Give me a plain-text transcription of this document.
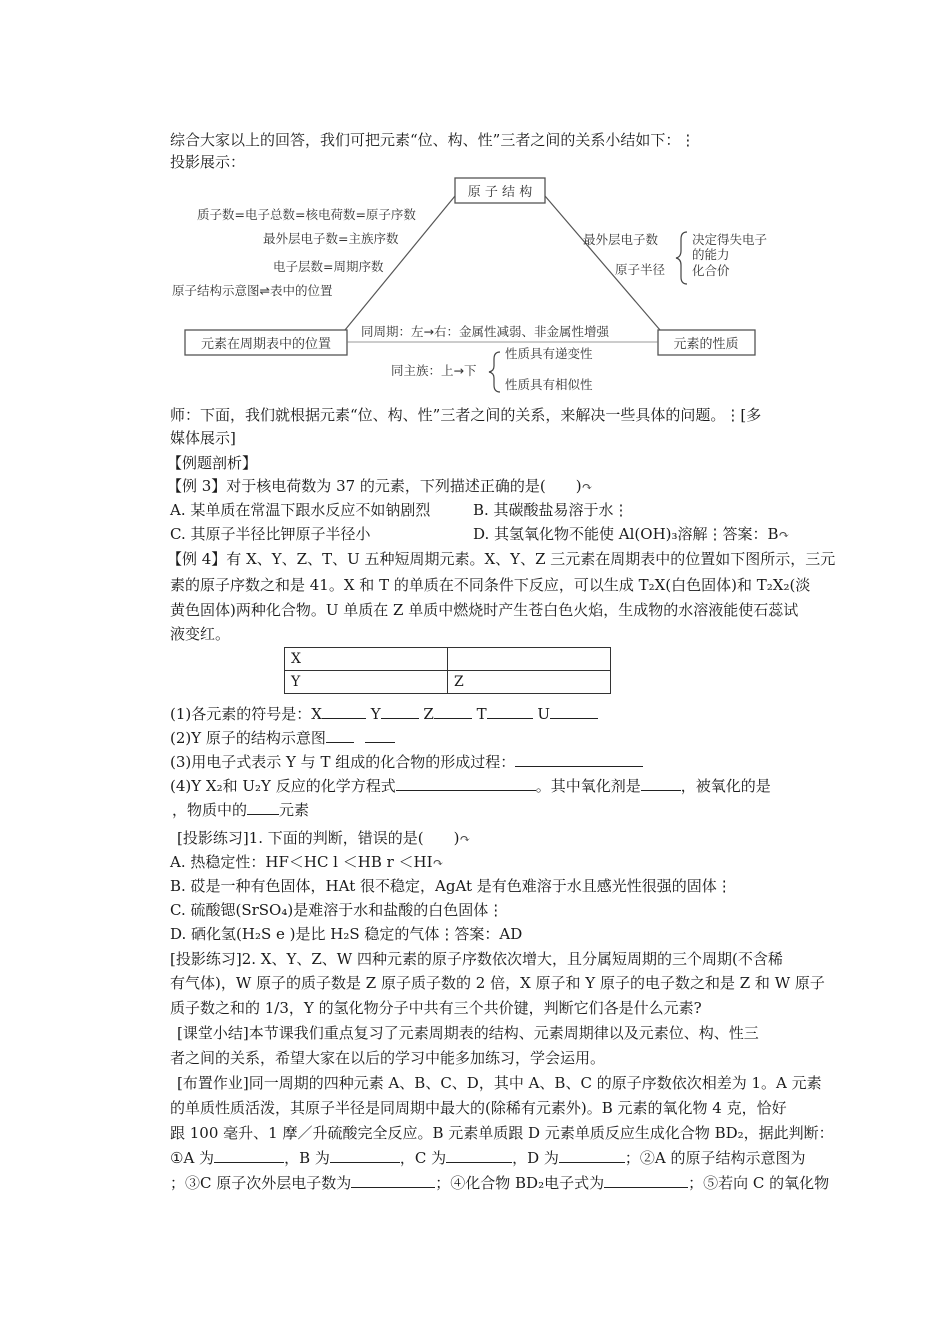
综合大家以上的回答，我们可把元素“位、构、性”三者之间的关系小结如下：⋮
投影展示：
原 子 结 构
元素在周期表中的位置	元素的性质
质子数=电子总数=核电荷数=原子序数
最外层电子数=主族序数
电子层数=周期序数
原子结构示意图⇌表中的位置
最外层电子数
原子半径
决定得失电子
的能力
化合价
同周期：左→右：金属性减弱、非金属性增强
同主族：上→下
性质具有递变性
性质具有相似性
师：下面，我们就根据元素“位、构、性”三者之间的关系，来解决一些具体的问题。⋮[多
媒体展示]
【例题剖析】
【例 3】对于核电荷数为 37 的元素，下列描述正确的是(　　)↷
A. 某单质在常温下跟水反应不如钠剧烈	B. 其碳酸盐易溶于水⋮
C. 其原子半径比钾原子半径小	D. 其氢氧化物不能使 Al(OH)₃溶解⋮答案：B↷
【例 4】有 X、Y、Z、T、U 五种短周期元素。X、Y、Z 三元素在周期表中的位置如下图所示，三元
素的原子序数之和是 41。X 和 T 的单质在不同条件下反应，可以生成 T₂X(白色固体)和 T₂X₂(淡
黄色固体)两种化合物。U 单质在 Z 单质中燃烧时产生苍白色火焰，生成物的水溶液能使石蕊试
液变红。
X	
Y	Z
(1)各元素的符号是：X	Y	Z	T	U
(2)Y 原子的结构示意图
(3)用电子式表示 Y 与 T 组成的化合物的形成过程：
(4)Y X₂和 U₂Y 反应的化学方程式	。其中氧化剂是	，被氧化的是
，物质中的 元素
[投影练习]1. 下面的判断，错误的是(　　)↷
A. 热稳定性：HF＜HC l ＜HB r ＜HI↷
B. 砹是一种有色固体，HAt 很不稳定，AgAt 是有色难溶于水且感光性很强的固体⋮
C. 硫酸锶(SrSO₄)是难溶于水和盐酸的白色固体⋮
D. 硒化氢(H₂S e )是比 H₂S 稳定的气体⋮答案：AD
[投影练习]2. X、Y、Z、W 四种元素的原子序数依次增大，且分属短周期的三个周期(不含稀
有气体)，W 原子的质子数是 Z 原子质子数的 2 倍，X 原子和 Y 原子的电子数之和是 Z 和 W 原子
质子数之和的 1/3，Y 的氢化物分子中共有三个共价键，判断它们各是什么元素?
[课堂小结]本节课我们重点复习了元素周期表的结构、元素周期律以及元素位、构、性三
者之间的关系，希望大家在以后的学习中能多加练习，学会运用。
[布置作业]同一周期的四种元素 A、B、C、D，其中 A、B、C 的原子序数依次相差为 1。A 元素
的单质性质活泼，其原子半径是同周期中最大的(除稀有元素外)。B 元素的氧化物 4 克，恰好
跟 100 毫升、1 摩／升硫酸完全反应。B 元素单质跟 D 元素单质反应生成化合物 BD₂，据此判断：
①A 为	，B 为	，C 为	，D 为	；②A 的原子结构示意图为
；③C 原子次外层电子数为	；④化合物 BD₂电子式为	；⑤若向 C 的氧化物
